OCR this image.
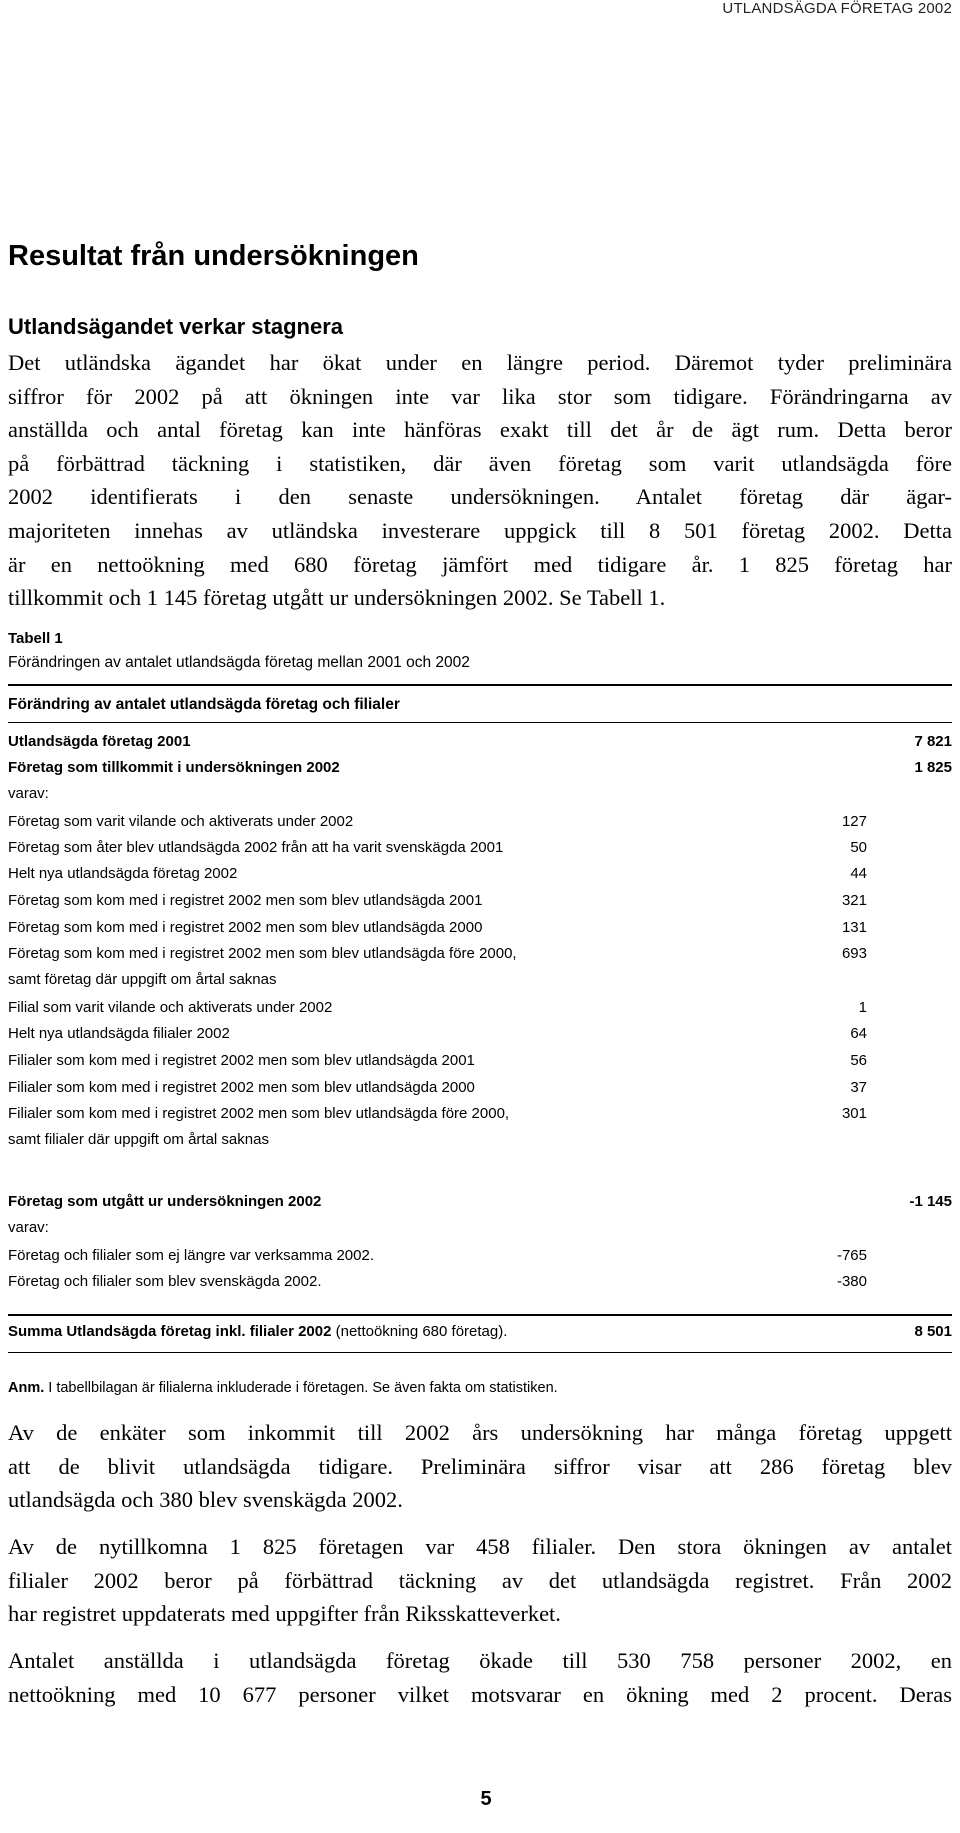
UTLANDSÄGDA FÖRETAG 2002
Resultat från undersökningen
Utlandsägandet verkar stagnera
Det utländska ägandet har ökat under en längre period. Däremot tyder preliminära
siffror för 2002 på att ökningen inte var lika stor som tidigare. Förändringarna av
anställda och antal företag kan inte hänföras exakt till det år de ägt rum. Detta beror
på förbättrad täckning i statistiken, där även företag som varit utlandsägda före
2002 identifierats i den senaste undersökningen. Antalet företag där ägar-
majoriteten innehas av utländska investerare uppgick till 8 501 företag 2002. Detta
är en nettoökning med 680 företag jämfört med tidigare år. 1 825 företag har
tillkommit och 1 145 företag utgått ur undersökningen 2002. Se Tabell 1.
Tabell 1
Förändringen av antalet utlandsägda företag mellan 2001 och 2002
Förändring av antalet utlandsägda företag och filialer
Utlandsägda företag 2001	7 821
Företag som tillkommit i undersökningen 2002	1 825
varav:
Företag som varit vilande och aktiverats under 2002	127
Företag som åter blev utlandsägda 2002 från att ha varit svenskägda 2001	50
Helt nya utlandsägda företag 2002	44
Företag som kom med i registret 2002 men som blev utlandsägda 2001	321
Företag som kom med i registret 2002 men som blev utlandsägda 2000	131
Företag som kom med i registret 2002 men som blev utlandsägda före 2000,	693
samt företag där uppgift om årtal saknas
Filial som varit vilande och aktiverats under 2002	1
Helt nya utlandsägda filialer 2002	64
Filialer som kom med i registret 2002 men som blev utlandsägda 2001	56
Filialer som kom med i registret 2002 men som blev utlandsägda 2000	37
Filialer som kom med i registret 2002 men som blev utlandsägda före 2000,	301
samt filialer där uppgift om årtal saknas
Företag som utgått ur undersökningen 2002	-1 145
varav:
Företag och filialer som ej längre var verksamma 2002.	-765
Företag och filialer som blev svenskägda 2002.	-380
Summa Utlandsägda företag inkl. filialer 2002 (nettoökning 680 företag).	8 501
Anm. I tabellbilagan är filialerna inkluderade i företagen. Se även fakta om statistiken.
Av de enkäter som inkommit till 2002 års undersökning har många företag uppgett
att de blivit utlandsägda tidigare. Preliminära siffror visar att 286 företag blev
utlandsägda och 380 blev svenskägda 2002.
Av de nytillkomna 1 825 företagen var 458 filialer. Den stora ökningen av antalet
filialer 2002 beror på förbättrad täckning av det utlandsägda registret. Från 2002
har registret uppdaterats med uppgifter från Riksskatteverket.
Antalet anställda i utlandsägda företag ökade till 530 758 personer 2002, en
nettoökning med 10 677 personer vilket motsvarar en ökning med 2 procent. Deras
5
